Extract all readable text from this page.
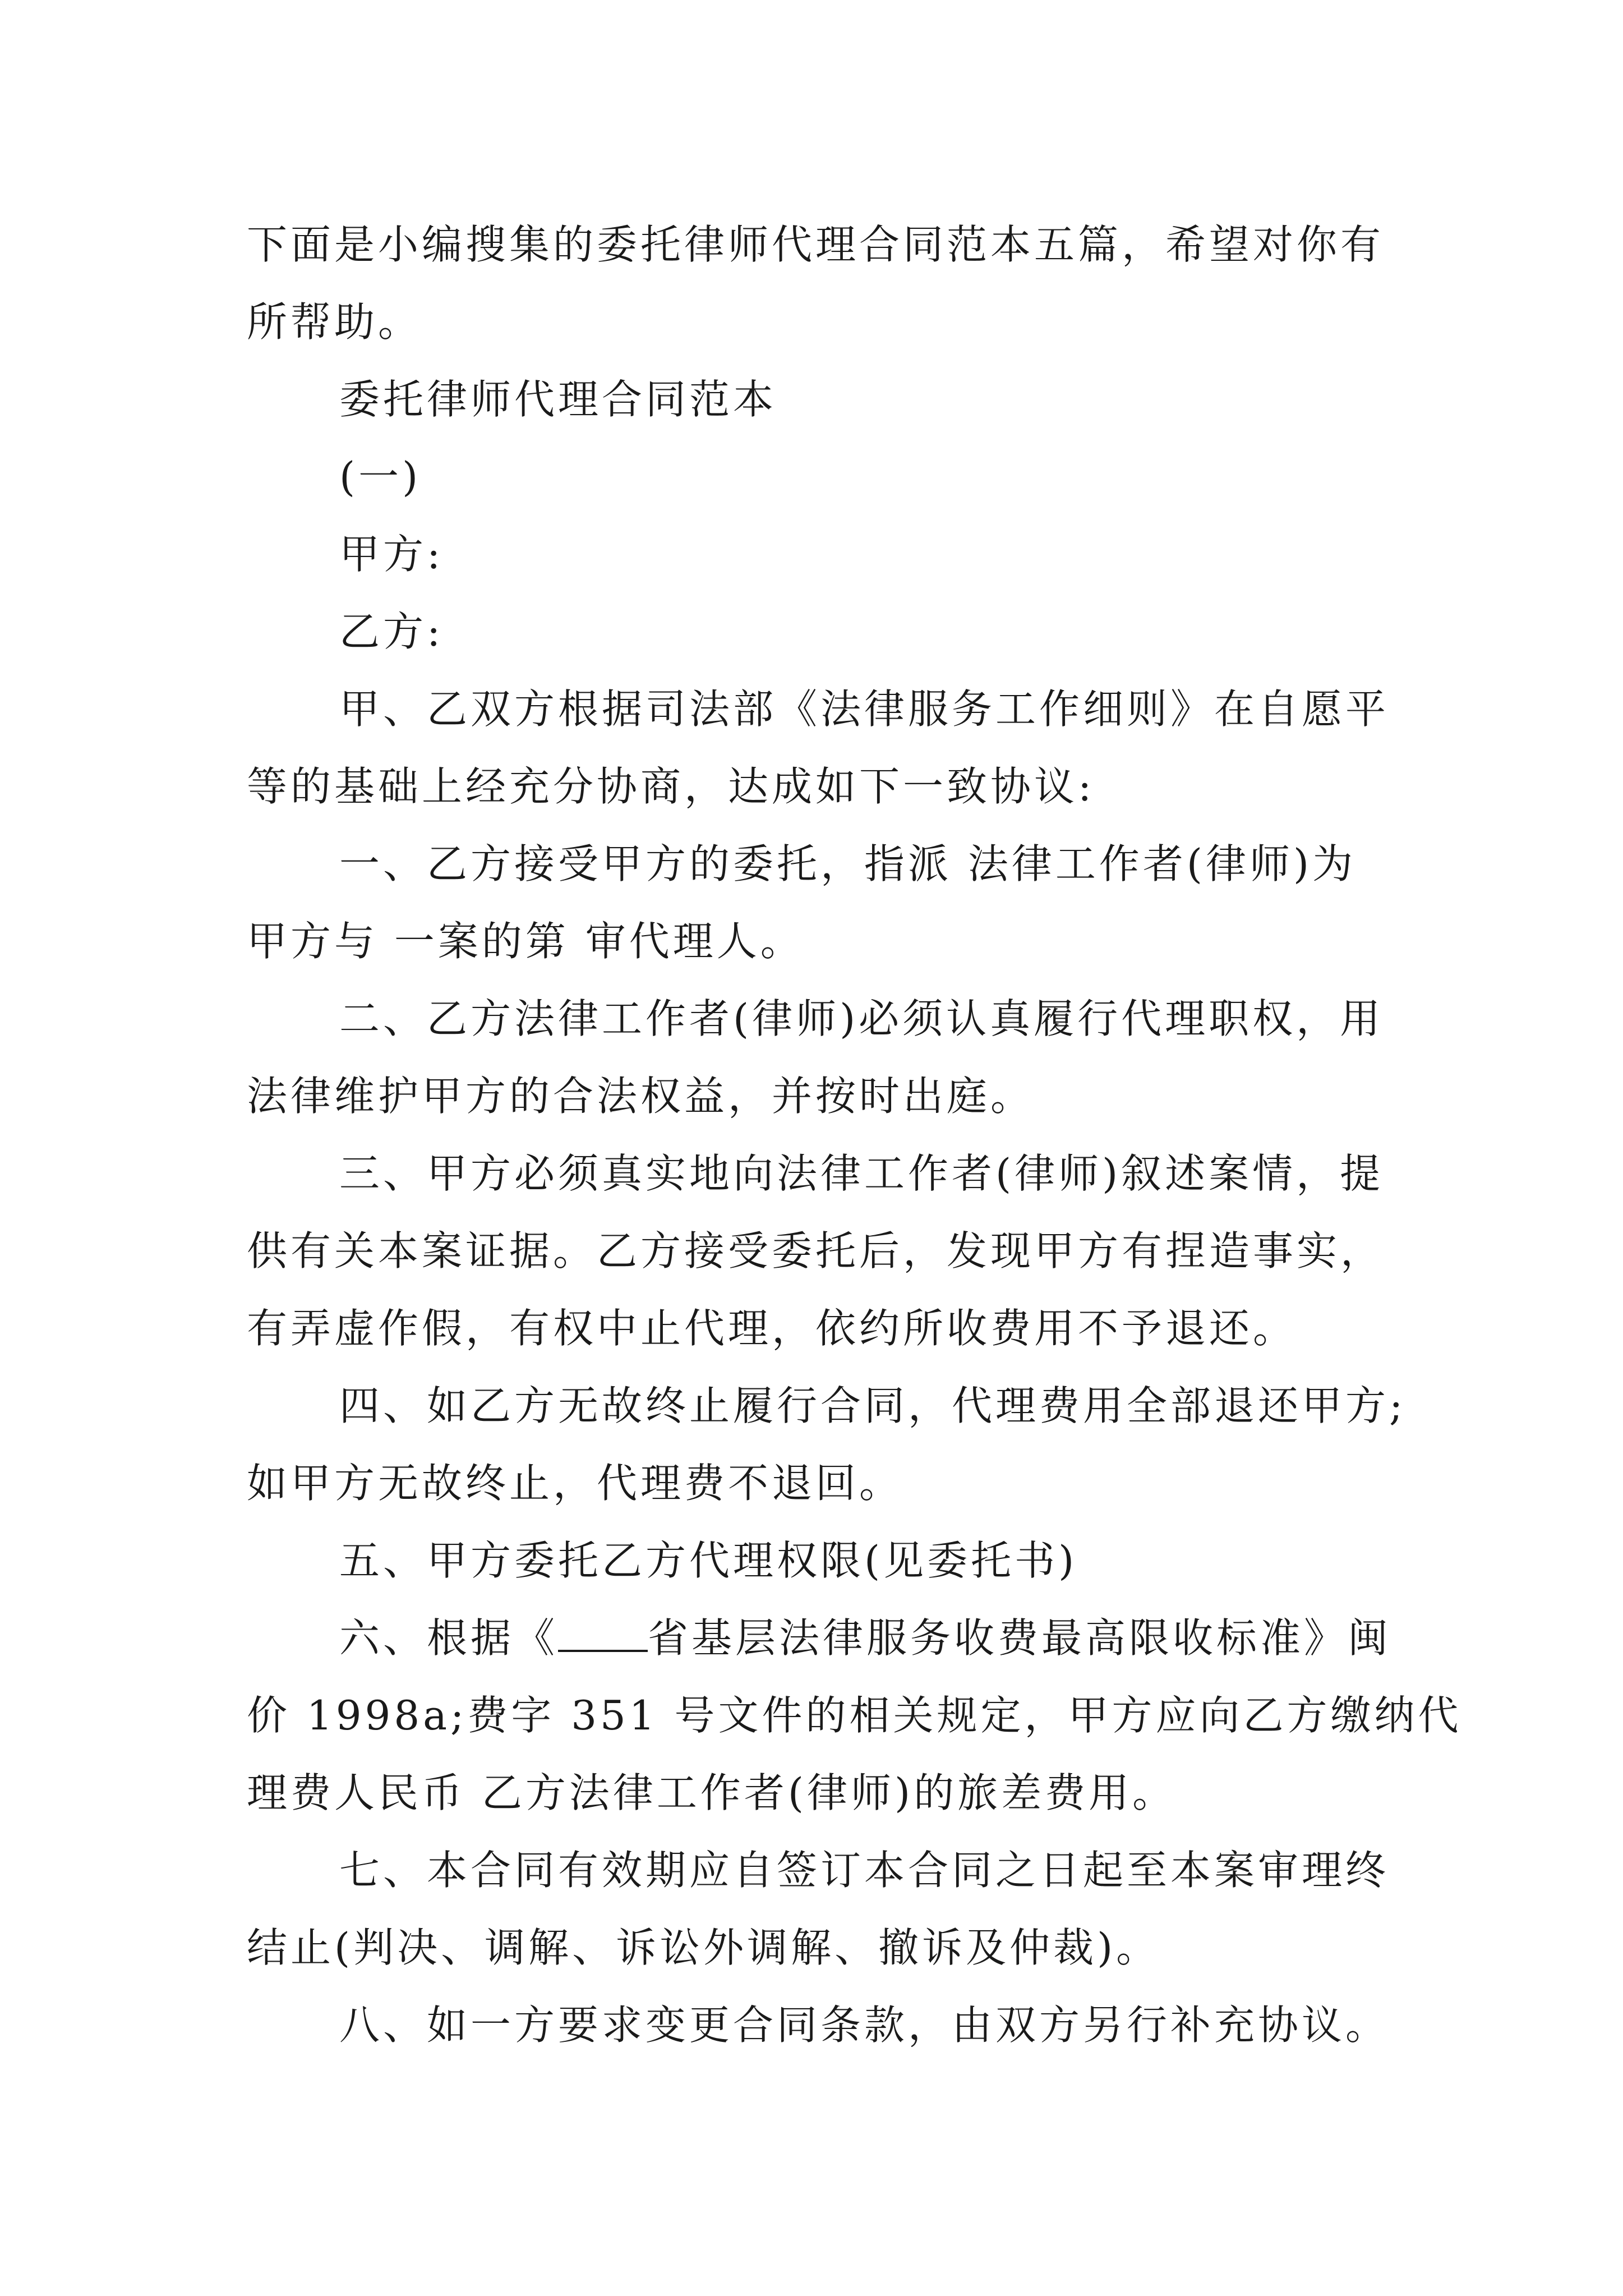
下面是小编搜集的委托律师代理合同范本五篇，希望对你有
所帮助。
委托律师代理合同范本
(一)
甲方:
乙方:
甲、乙双方根据司法部《法律服务工作细则》在自愿平
等的基础上经充分协商，达成如下一致协议:
一、乙方接受甲方的委托，指派 法律工作者(律师)为
甲方与 一案的第 审代理人。
二、乙方法律工作者(律师)必须认真履行代理职权，用
法律维护甲方的合法权益，并按时出庭。
三、甲方必须真实地向法律工作者(律师)叙述案情，提
供有关本案证据。乙方接受委托后，发现甲方有捏造事实，
有弄虚作假，有权中止代理，依约所收费用不予退还。
四、如乙方无故终止履行合同，代理费用全部退还甲方;
如甲方无故终止，代理费不退回。
五、甲方委托乙方代理权限(见委托书)
六、根据《 省基层法律服务收费最高限收标准》闽
价 1998a;费字 351 号文件的相关规定，甲方应向乙方缴纳代
理费人民币 乙方法律工作者(律师)的旅差费用。
七、本合同有效期应自签订本合同之日起至本案审理终
结止(判决、调解、诉讼外调解、撤诉及仲裁)。
八、如一方要求变更合同条款，由双方另行补充协议。
